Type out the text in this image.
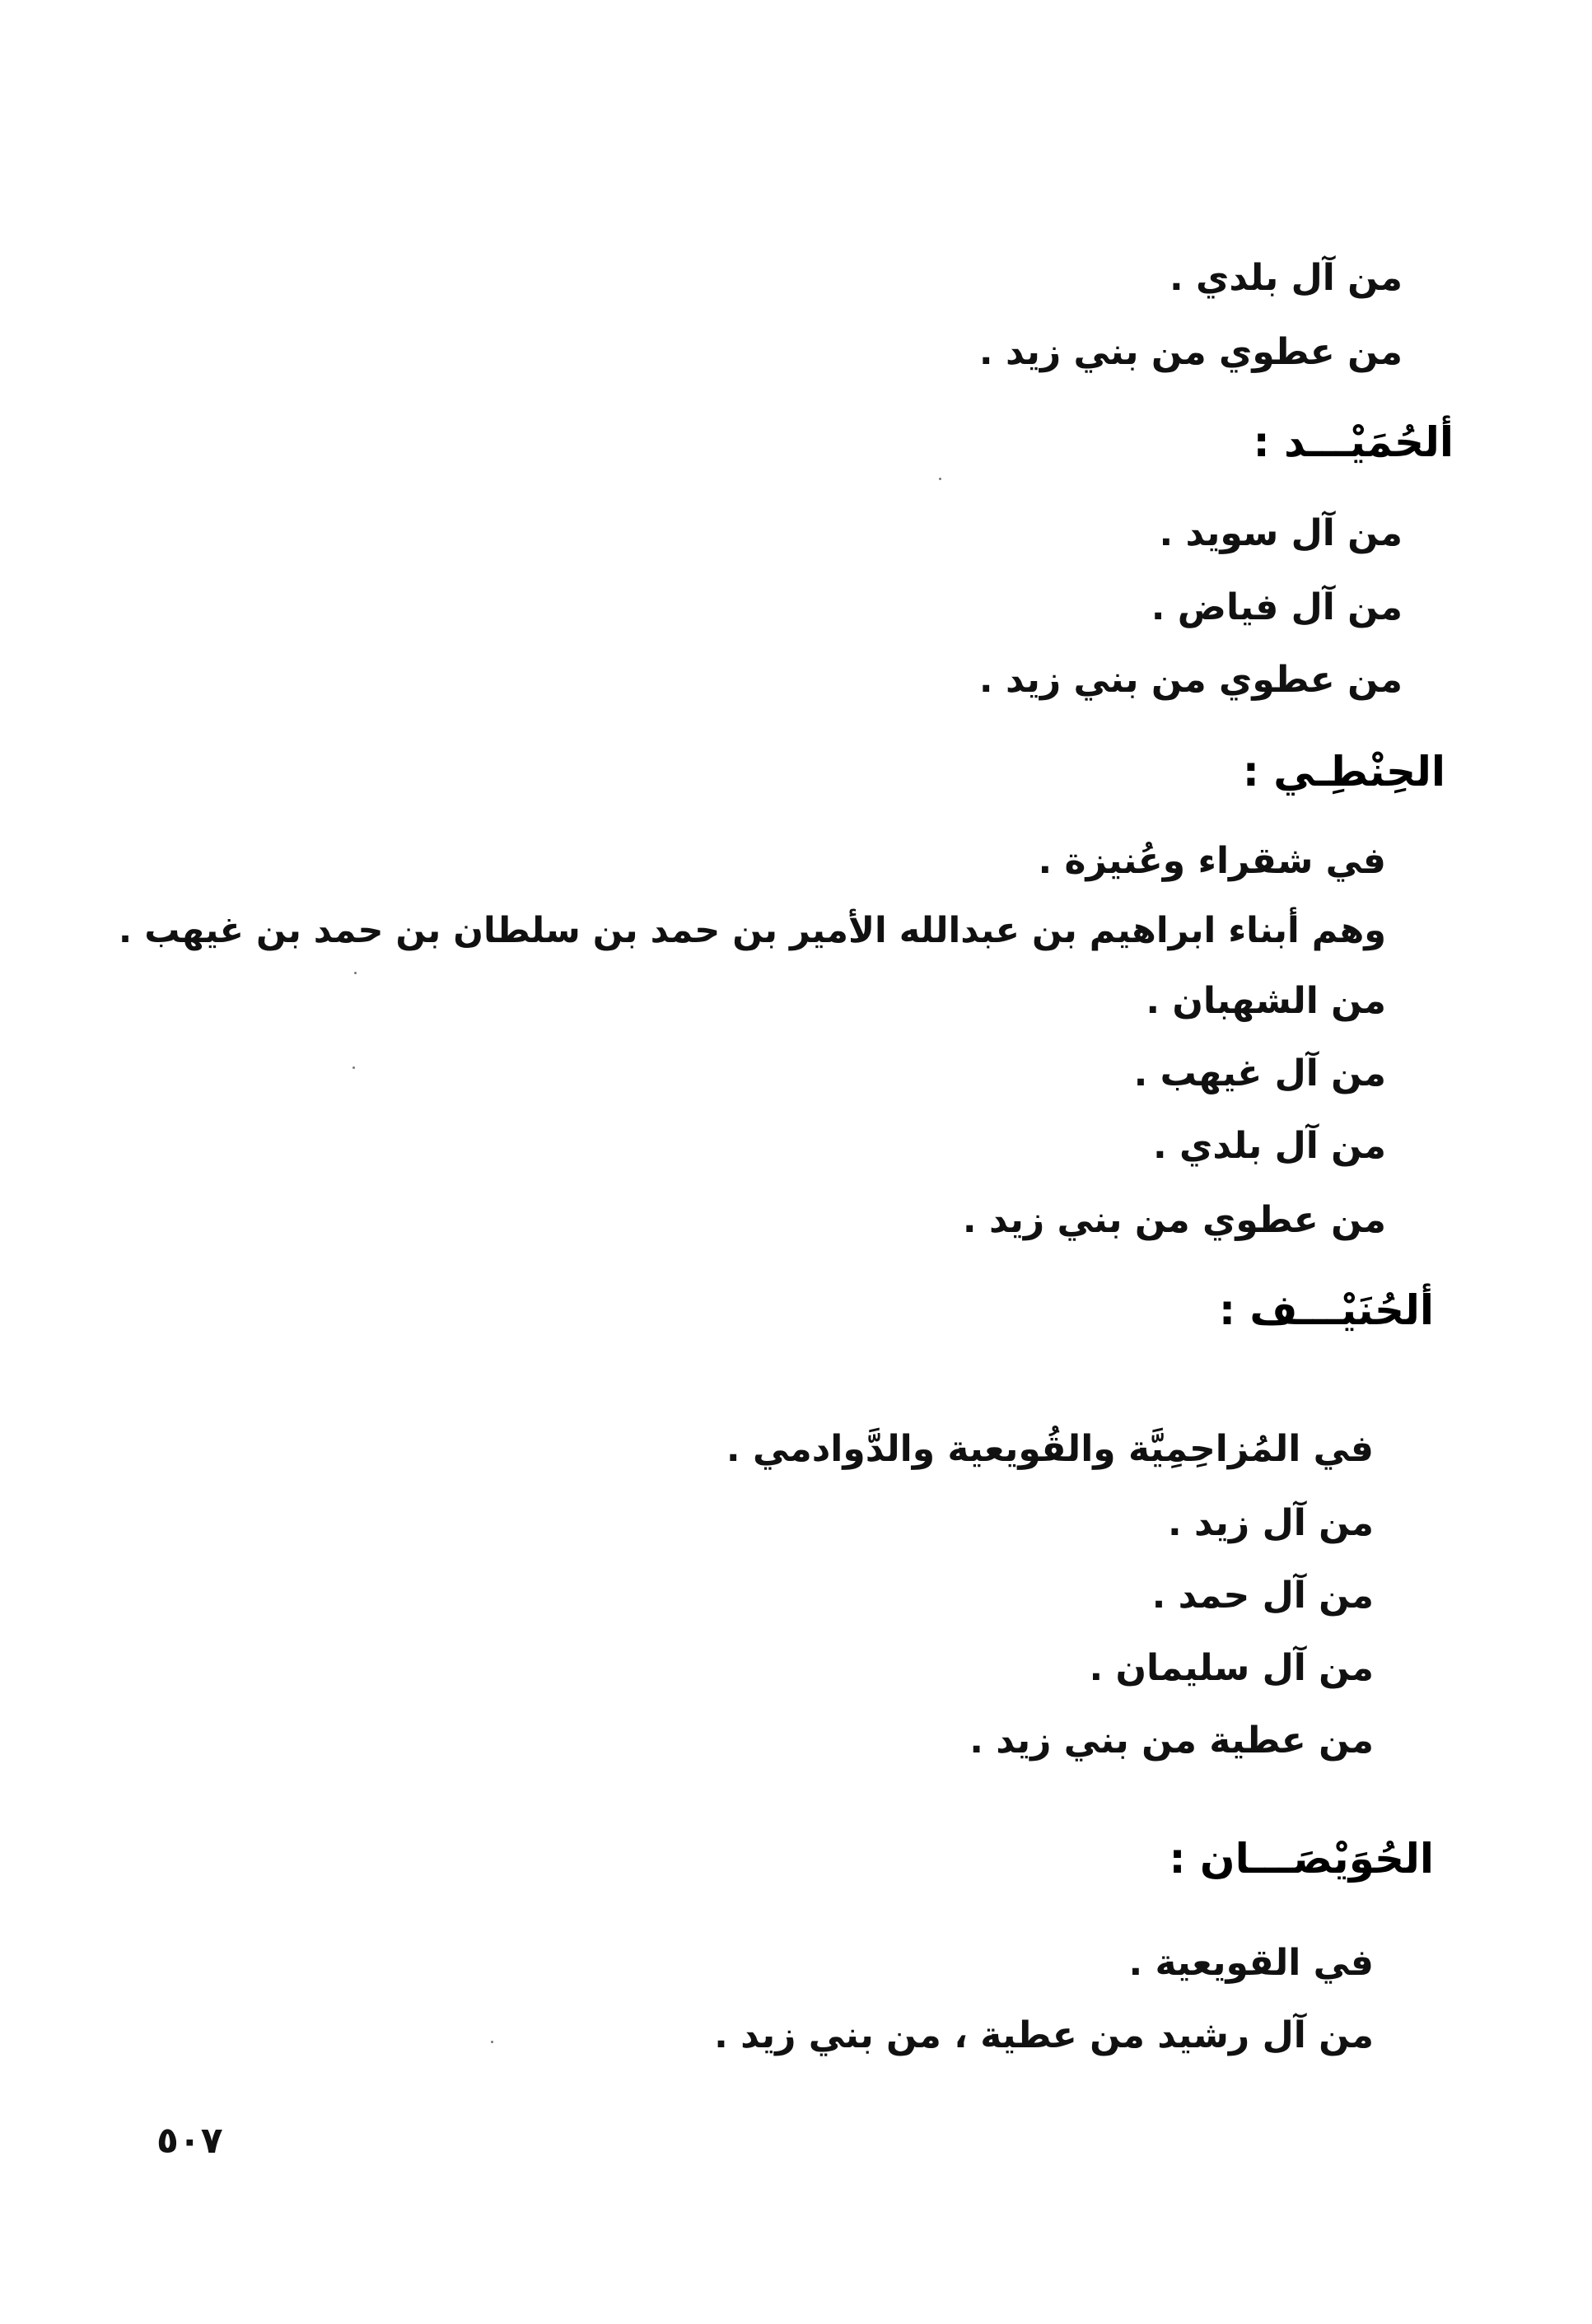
من آل بلدي .
من عطوي من بني زيد .
ألحُمَيْـــد :
من آل سويد .
من آل فياض .
من عطوي من بني زيد .
الحِنْطِـي :
في شقراء وعُنيزة .
وهم أبناء ابراهيم بن عبدالله الأمير بن حمد بن سلطان بن حمد بن غيهب .
من الشهبان .
من آل غيهب .
من آل بلدي .
من عطوي من بني زيد .
ألحُنَيْـــف :
في المُزاحِمِيَّة والقُويعية والدَّوادمي .
من آل زيد .
من آل حمد .
من آل سليمان .
من عطية من بني زيد .
الحُوَيْصَـــان :
في القويعية .
من آل رشيد من عطية ، من بني زيد .
٥٠٧
